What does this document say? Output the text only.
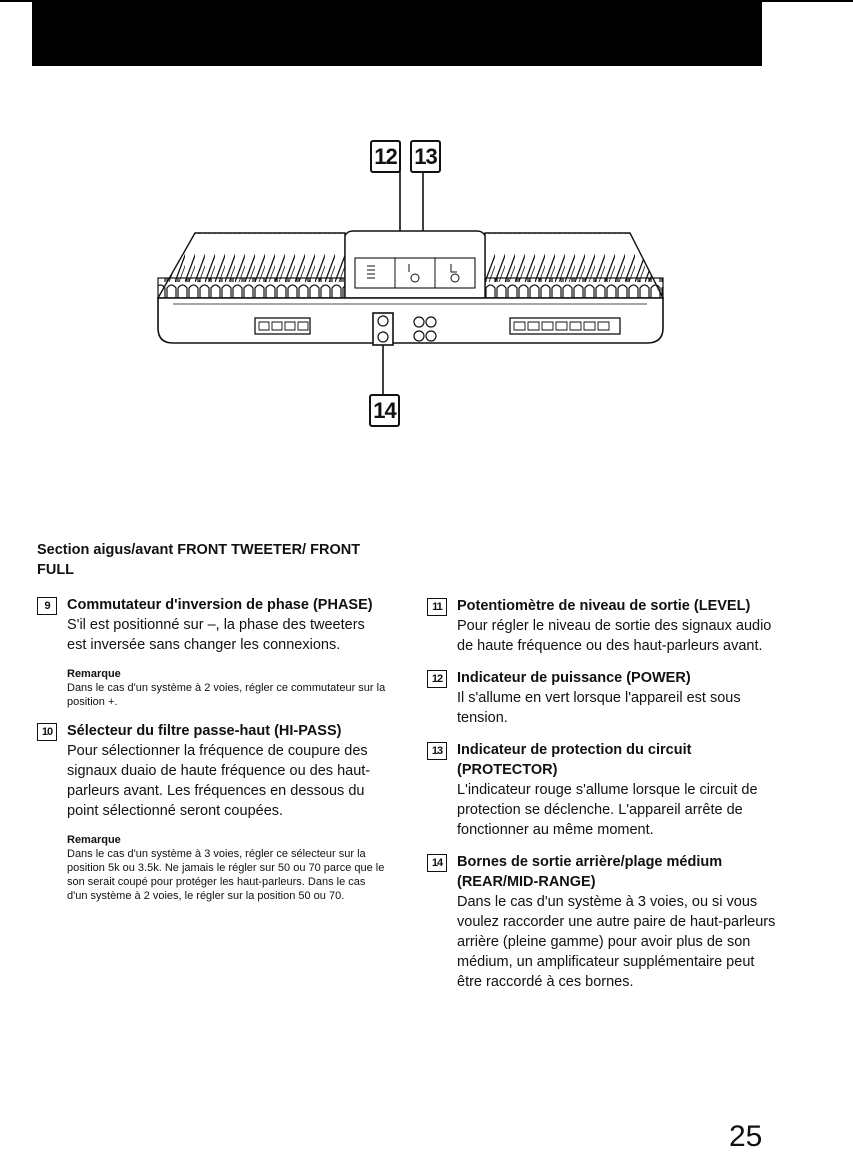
12 13
14
Section aigus/avant FRONT TWEETER/ FRONT FULL
9	Commutateur d'inversion de phase (PHASE)
S'il est positionné sur –, la phase des tweeters est inversée sans changer les connexions.
Remarque
Dans le cas d'un système à 2 voies, régler ce commutateur sur la position +.
10	Sélecteur du filtre passe-haut (HI-PASS)
Pour sélectionner la fréquence de coupure des signaux duaio de haute fréquence ou des haut-parleurs avant. Les fréquences en dessous du point sélectionné seront coupées.
Remarque
Dans le cas d'un système à 3 voies, régler ce sélecteur sur la position 5k ou 3.5k. Ne jamais le régler sur 50 ou 70 parce que le son serait coupé pour protéger les haut-parleurs. Dans le cas d'un système à 2 voies, le régler sur la position 50 ou 70.
11	Potentiomètre de niveau de sortie (LEVEL)
Pour régler le niveau de sortie des signaux audio de haute fréquence ou des haut-parleurs avant.
12	Indicateur de puissance (POWER)
Il s'allume en vert lorsque l'appareil est sous tension.
13	Indicateur de protection du circuit (PROTECTOR)
L'indicateur rouge s'allume lorsque le circuit de protection se déclenche. L'appareil arrête de fonctionner au même moment.
14	Bornes de sortie arrière/plage médium (REAR/MID-RANGE)
Dans le cas d'un système à 3 voies, ou si vous voulez raccorder une autre paire de haut-parleurs arrière (pleine gamme) pour avoir plus de son médium, un amplificateur supplémentaire peut être raccordé à ces bornes.
25
